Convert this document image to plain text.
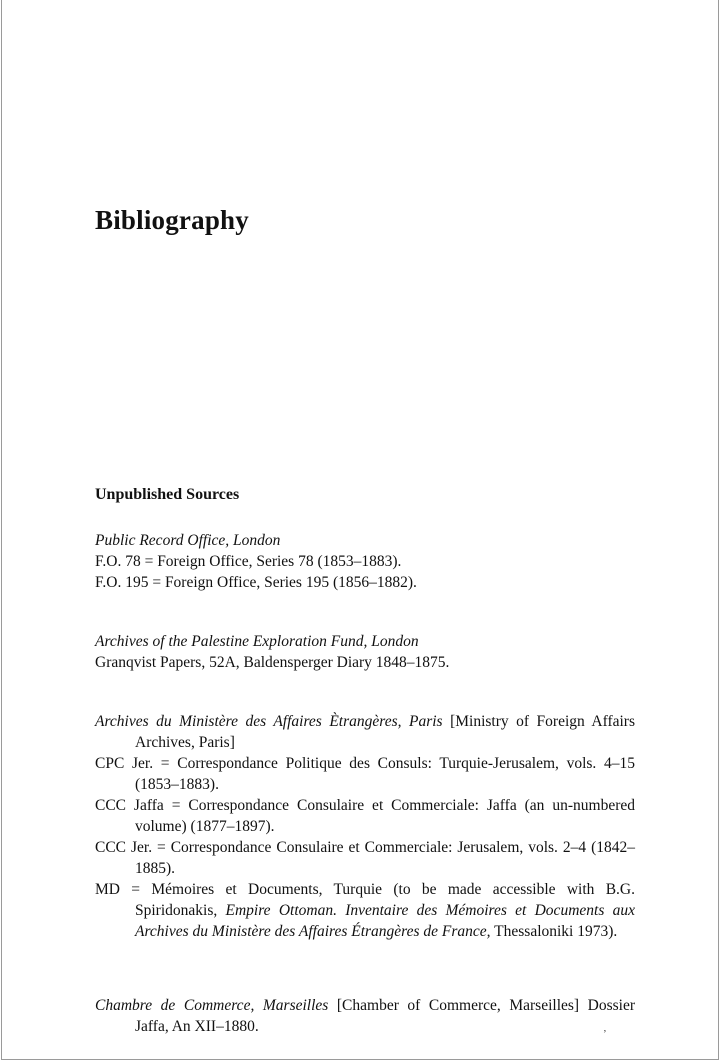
Bibliography
Unpublished Sources

Public Record Office, London

F.O. 78 = Foreign Office, Series 78 (1853–1883).

F.O. 195 = Foreign Office, Series 195 (1856–1882).

Archives of the Palestine Exploration Fund, London

Granqvist Papers, 52A, Baldensperger Diary 1848–1875.

Archives du Ministère des Affaires Ètrangères, Paris [Ministry of Foreign Affairs Archives, Paris]

CPC Jer. = Correspondance Politique des Consuls: Turquie-Jerusalem, vols. 4–15 (1853–1883).

CCC Jaffa = Correspondance Consulaire et Commerciale: Jaffa (an un-numbered volume) (1877–1897).

CCC Jer. = Correspondance Consulaire et Commerciale: Jerusalem, vols. 2–4 (1842–1885).

MD = Mémoires et Documents, Turquie (to be made accessible with B.G. Spiridonakis, Empire Ottoman. Inventaire des Mémoires et Documents aux Archives du Ministère des Affaires Étrangères de France, Thessaloniki 1973).

Chambre de Commerce, Marseilles [Chamber of Commerce, Marseilles] Dossier Jaffa, An XII–1880.	ʼ
